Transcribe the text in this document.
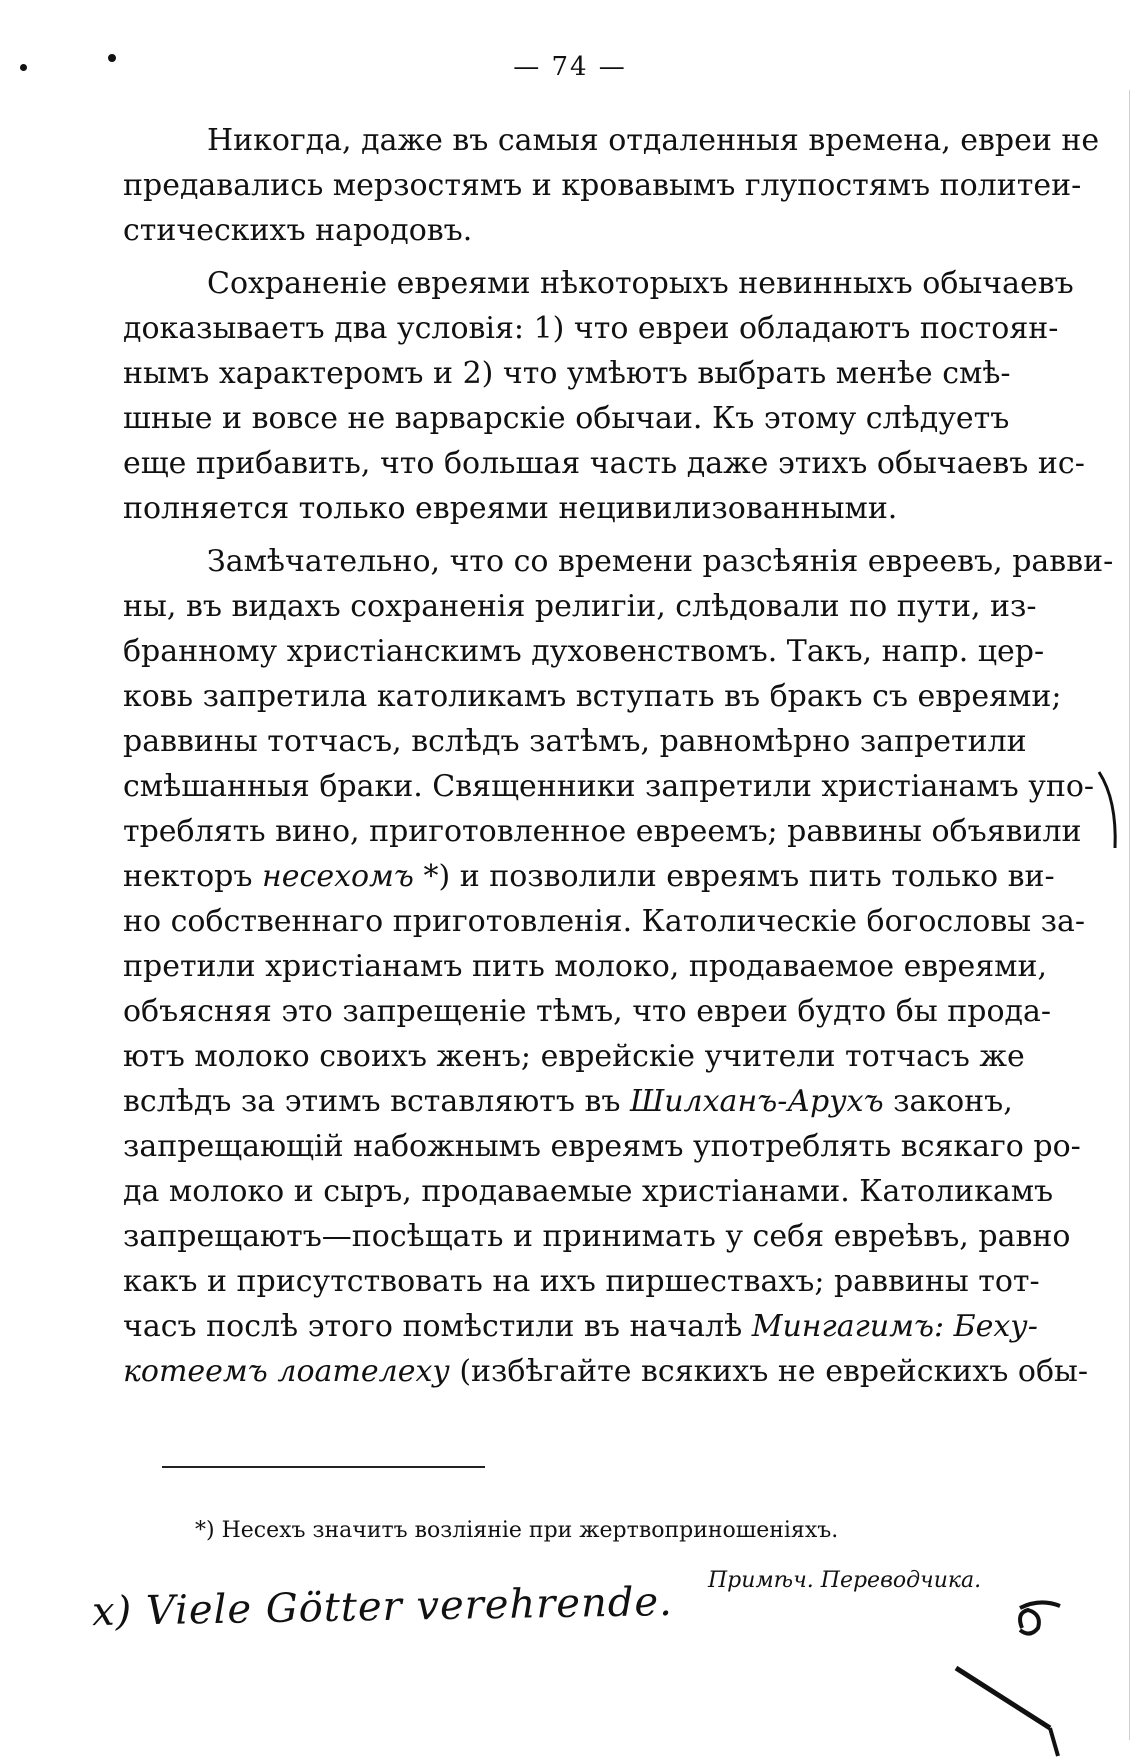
— 74 —

Никогда, даже въ самыя отдаленныя времена, евреи не
предавались мерзостямъ и кровавымъ глупостямъ политеи-
стическихъ народовъ.

Сохраненіе евреями нѣкоторыхъ невинныхъ обычаевъ
доказываетъ два условія: 1) что евреи обладаютъ постоян-
нымъ характеромъ и 2) что умѣютъ выбрать менѣе смѣ-
шные и вовсе не варварскіе обычаи. Къ этому слѣдуетъ
еще прибавить, что большая часть даже этихъ обычаевъ ис-
полняется только евреями нецивилизованными.

Замѣчательно, что со времени разсѣянія евреевъ, равви-
ны, въ видахъ сохраненія религіи, слѣдовали по пути, из-
бранному христіанскимъ духовенствомъ. Такъ, напр. цер-
ковь запретила католикамъ вступать въ бракъ съ евреями;
раввины тотчасъ, вслѣдъ затѣмъ, равномѣрно запретили
смѣшанныя браки. Священники запретили христіанамъ упо-
треблять вино, приготовленное евреемъ; раввины объявили
некторъ несехомъ *) и позволили евреямъ пить только ви-
но собственнаго приготовленія. Католическіе богословы за-
претили христіанамъ пить молоко, продаваемое евреями,
объясняя это запрещеніе тѣмъ, что евреи будто бы прода-
ютъ молоко своихъ женъ; еврейскіе учители тотчасъ же
вслѣдъ за этимъ вставляютъ въ Шилханъ-Арухъ законъ,
запрещающій набожнымъ евреямъ употреблять всякаго ро-
да молоко и сыръ, продаваемые христіанами. Католикамъ
запрещаютъ—посѣщать и принимать у себя евреѣвъ, равно
какъ и присутствовать на ихъ пиршествахъ; раввины тот-
часъ послѣ этого помѣстили въ началѣ Мингагимъ: Беху-
котеемъ лоателеху (избѣгайте всякихъ не еврейскихъ обы-

*) Несехъ значитъ возліяніе при жертвоприношеніяхъ.
Примѣч. Переводчика.
x) Viele Götter verehrende.
